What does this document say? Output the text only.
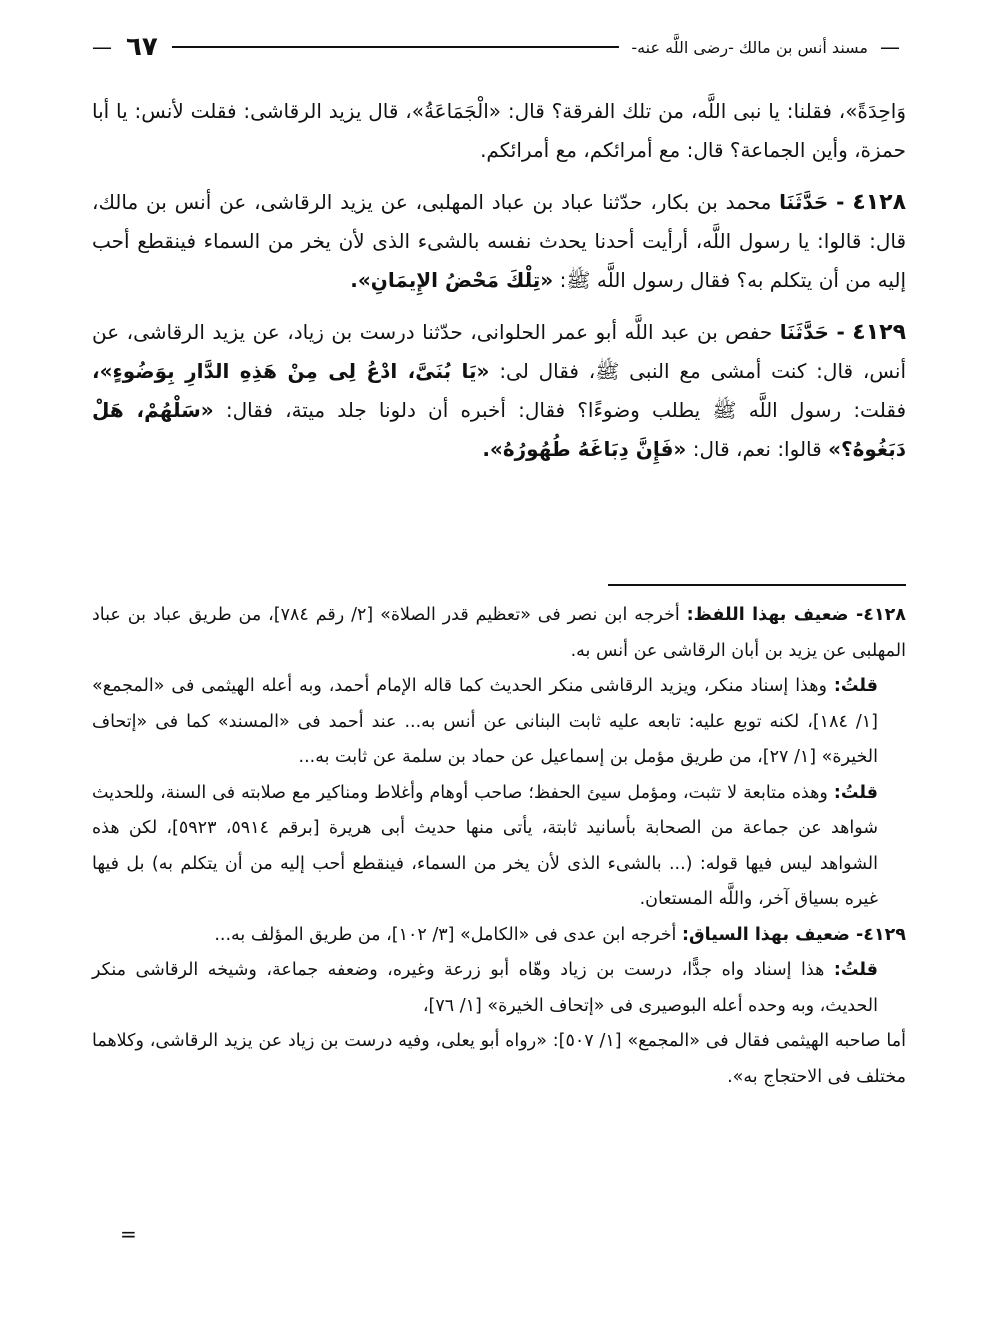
—
مسند أنس بن مالك -رضى اللَّه عنه-
٦٧
—

وَاحِدَةً»، فقلنا: يا نبى اللَّه، من تلك الفرقة؟ قال: «الْجَمَاعَةُ»، قال يزيد الرقاشى: فقلت لأنس: يا أبا حمزة، وأين الجماعة؟ قال: مع أمرائكم، مع أمرائكم.

٤١٢٨ - حَدَّثَنَا محمد بن بكار، حدّثنا عباد بن عباد المهلبى، عن يزيد الرقاشى، عن أنس بن مالك، قال: قالوا: يا رسول اللَّه، أرأيت أحدنا يحدث نفسه بالشىء الذى لأن يخر من السماء فينقطع أحب إليه من أن يتكلم به؟ فقال رسول اللَّه ﷺ: «تِلْكَ مَحْضُ الإِيمَانِ».

٤١٢٩ - حَدَّثَنَا حفص بن عبد اللَّه أبو عمر الحلوانى، حدّثنا درست بن زياد، عن يزيد الرقاشى، عن أنس، قال: كنت أمشى مع النبى ﷺ، فقال لى: «يَا بُنَىَّ، ادْعُ لِى مِنْ هَذِهِ الدَّارِ بِوَضُوءٍ»، فقلت: رسول اللَّه ﷺ يطلب وضوءًا؟ فقال: أخبره أن دلونا جلد ميتة، فقال: «سَلْهُمْ، هَلْ دَبَغُوهُ؟» قالوا: نعم، قال: «فَإِنَّ دِبَاغَهُ طُهُورُهُ».

٤١٢٨- ضعيف بهذا اللفظ: أخرجه ابن نصر فى «تعظيم قدر الصلاة» [٢/ رقم ٧٨٤]، من طريق عباد بن عباد المهلبى عن يزيد بن أبان الرقاشى عن أنس به.

قلتُ: وهذا إسناد منكر، ويزيد الرقاشى منكر الحديث كما قاله الإمام أحمد، وبه أعله الهيثمى فى «المجمع» [١/ ١٨٤]، لكنه توبع عليه: تابعه عليه ثابت البنانى عن أنس به... عند أحمد فى «المسند» كما فى «إتحاف الخيرة» [١/ ٢٧]، من طريق مؤمل بن إسماعيل عن حماد بن سلمة عن ثابت به...

قلتُ: وهذه متابعة لا تثبت، ومؤمل سيئ الحفظ؛ صاحب أوهام وأغلاط ومناكير مع صلابته فى السنة، وللحديث شواهد عن جماعة من الصحابة بأسانيد ثابتة، يأتى منها حديث أبى هريرة [برقم ٥٩١٤، ٥٩٢٣]، لكن هذه الشواهد ليس فيها قوله: (... بالشىء الذى لأن يخر من السماء، فينقطع أحب إليه من أن يتكلم به) بل فيها غيره بسياق آخر، واللَّه المستعان.

٤١٢٩- ضعيف بهذا السياق: أخرجه ابن عدى فى «الكامل» [٣/ ١٠٢]، من طريق المؤلف به...

قلتُ: هذا إسناد واه جدًّا، درست بن زياد وهّاه أبو زرعة وغيره، وضعفه جماعة، وشيخه الرقاشى منكر الحديث، وبه وحده أعله البوصيرى فى «إتحاف الخيرة» [١/ ٧٦]،

أما صاحبه الهيثمى فقال فى «المجمع» [١/ ٥٠٧]: «رواه أبو يعلى، وفيه درست بن زياد عن يزيد الرقاشى، وكلاهما مختلف فى الاحتجاج به».

=
